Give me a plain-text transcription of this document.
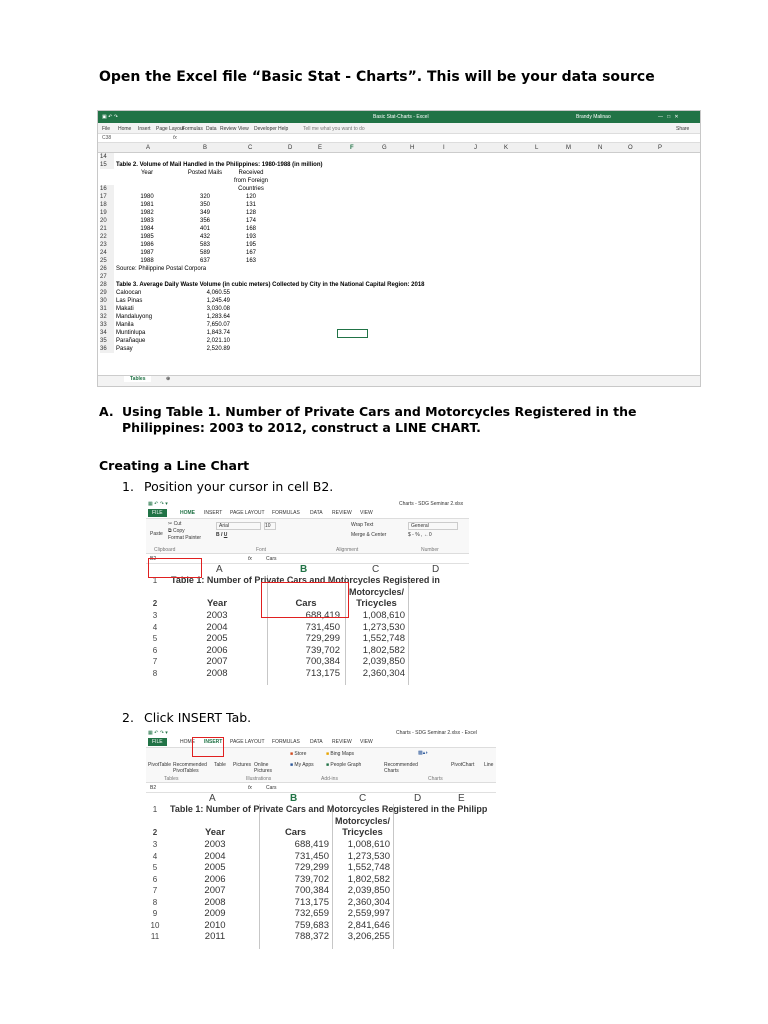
Open the Excel file “Basic Stat - Charts”. This will be your data source
▣ ↶ ↷	Basic Stat-Charts - Excel	Brandy Malinao	—   □   ✕
File Home Insert Page Layout
Formulas Data Review View Developer Help	Tell me what you want to do	Share
C38	fx
A	B	C	D	E	F	G	H	I	J	K	L	M	N	O	P
14
15	Table 2. Volume of Mail Handled in the Philippines: 1980-1988 (in million)
Year	Posted Mails	Received
from Foreign
16	Countries
17	1980	320	120
18	1981	350	131
19	1982	349	128
20	1983	356	174
21	1984	401	168
22	1985	432	193
23	1986	583	195
24	1987	589	167
25	1988	637	163
26	Source: Philippine Postal Corpora
27
28	Table 3. Average Daily Waste Volume (in cubic meters) Collected by City in the National Capital Region: 2018
29	Caloocan	4,060.55
30	Las Pinas	1,245.49
31	Makati	3,030.08
32	Mandaluyong	1,283.64
33	Manila	7,650.07
34	Muntinlupa	1,843.74
35	Parañaque	2,021.10
36	Pasay	2,520.89
Tables	⊕
A. Using Table 1. Number of Private Cars and Motorcycles Registered in the Philippines: 2003 to 2012, construct a LINE CHART.
Creating a Line Chart
1. Position your cursor in cell B2.
▦ ↶ ↷ ▾	Charts - SDG Seminar 2.xlsx
FILE	HOME INSERT PAGE LAYOUT FORMULAS DATA REVIEW VIEW
✂ Cut
⧉ Copy
Paste
Format Painter
Arial	10
B I U
Wrap Text
Merge & Center
General
$ - % , ←0
Clipboard	Font	Alignment	Number
B2	fx	Cars
A	B	C	D
1	Table 1: Number of Private Cars and Motorcycles Registered in
Motorcycles/
2	Year	Cars	Tricycles
3	2003	688,419	1,008,610
4	2004	731,450	1,273,530
5	2005	729,299	1,552,748
6	2006	739,702	1,802,582
7	2007	700,384	2,039,850
8	2008	713,175	2,360,304
2. Click INSERT Tab.
▦ ↶ ↷ ▾	Charts - SDG Seminar 2.xlsx - Excel
FILE	HOME INSERT PAGE LAYOUT FORMULAS DATA REVIEW VIEW
PivotTable Recommended PivotTables
Table Pictures Online Pictures
■ Store
■ My Apps
■ Bing Maps
■ People Graph	Recommended Charts
▩▴◗
PivotChart Line
Tables	Illustrations	Add-ins	Charts
B2	fx	Cars
A	B	C	D	E
1	Table 1: Number of Private Cars and Motorcycles Registered in the Philipp
Motorcycles/
2	Year	Cars	Tricycles
3	2003	688,419	1,008,610
4	2004	731,450	1,273,530
5	2005	729,299	1,552,748
6	2006	739,702	1,802,582
7	2007	700,384	2,039,850
8	2008	713,175	2,360,304
9	2009	732,659	2,559,997
10	2010	759,683	2,841,646
11	2011	788,372	3,206,255
